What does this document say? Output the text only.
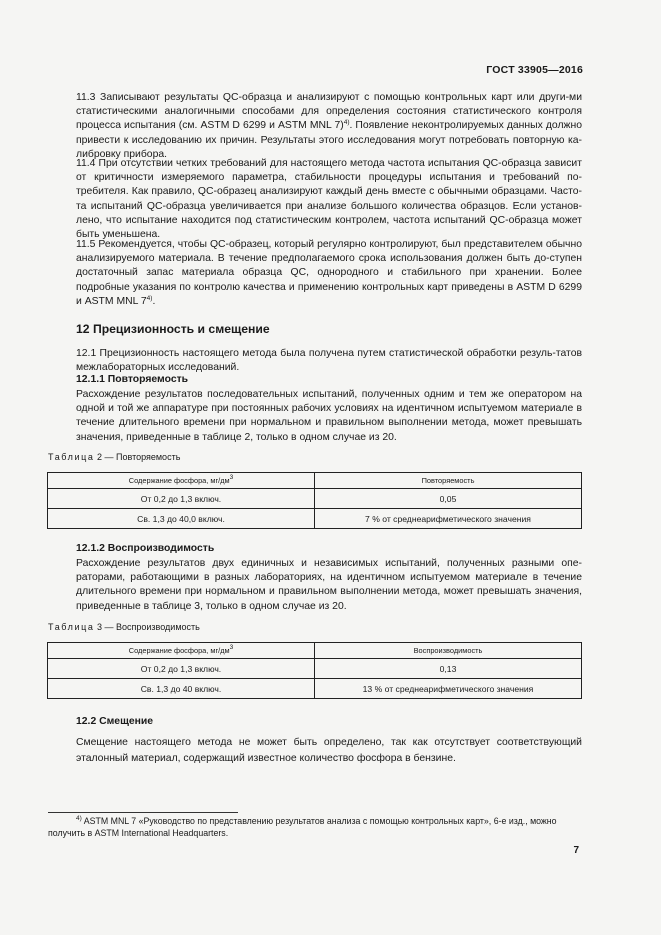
ГОСТ 33905—2016
11.3 Записывают результаты QC-образца и анализируют с помощью контрольных карт или други-ми статистическими аналогичными способами для определения состояния статистического контроля процесса испытания (см. ASTM D 6299 и ASTM MNL 7)$^{4)}$. Появление неконтролируемых данных должно привести к исследованию их причин. Результаты этого исследования могут потребовать повторную ка-либровку прибора.
11.4 При отсутствии четких требований для настоящего метода частота испытания QC-образца зависит от критичности измеряемого параметра, стабильности процедуры испытания и требований по-требителя. Как правило, QC-образец анализируют каждый день вместе с обычными образцами. Часто-та испытаний QC-образца увеличивается при анализе большого количества образцов. Если установ-лено, что испытание находится под статистическим контролем, частота испытаний QC-образца может быть уменьшена.
11.5 Рекомендуется, чтобы QC-образец, который регулярно контролируют, был представителем обычно анализируемого материала. В течение предполагаемого срока использования должен быть до-ступен достаточный запас материала образца QC, однородного и стабильного при хранении. Более подробные указания по контролю качества и применению контрольных карт приведены в ASTM D 6299 и ASTM MNL 7$^{4)}$.
12 Прецизионность и смещение
12.1 Прецизионность настоящего метода была получена путем статистической обработки резуль-татов межлабораторных исследований.
12.1.1 Повторяемость
Расхождение результатов последовательных испытаний, полученных одним и тем же оператором на одной и той же аппаратуре при постоянных рабочих условиях на идентичном испытуемом материале в течение длительного времени при нормальном и правильном выполнении метода, может превышать значения, приведенные в таблице 2, только в одном случае из 20.
Таблица 2 — Повторяемость
Содержание фосфора, $мг/дм^3$	Повторяемость
От 0,2 до 1,3 включ.	0,05
Св. 1,3 до 40,0 включ.	7 % от среднеарифметического значения
12.1.2 Воспроизводимость
Расхождение результатов двух единичных и независимых испытаний, полученных разными опе-раторами, работающими в разных лабораториях, на идентичном испытуемом материале в течение длительного времени при нормальном и правильном выполнении метода, может превышать значения, приведенные в таблице 3, только в одном случае из 20.
Таблица 3 — Воспроизводимость
Содержание фосфора, $мг/дм^3$	Воспроизводимость
От 0,2 до 1,3 включ.	0,13
Св. 1,3 до 40 включ.	13 % от среднеарифметического значения
12.2 Смещение
Смещение настоящего метода не может быть определено, так как отсутствует соответствующий эталонный материал, содержащий известное количество фосфора в бензине.
$^{4)}$ ASTM MNL 7 «Руководство по представлению результатов анализа с помощью контрольных карт», 6-е изд., можно получить в ASTM International Headquarters.
7
